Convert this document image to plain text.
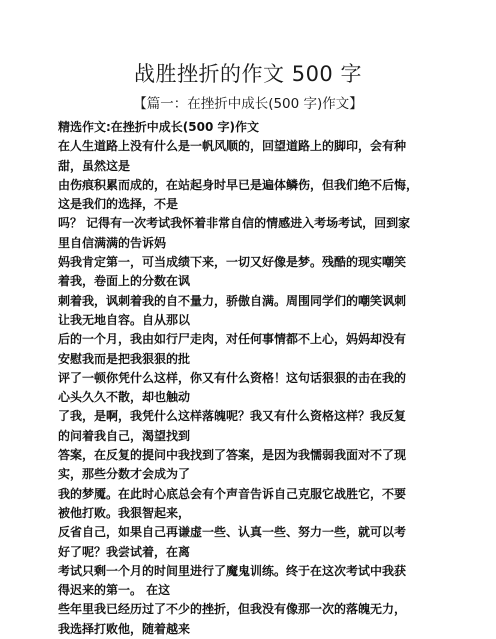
战胜挫折的作文 500 字
【篇一：在挫折中成长(500 字)作文】
精选作文:在挫折中成长(500 字)作文
在人生道路上没有什么是一帆风顺的，回望道路上的脚印，会有种
甜，虽然这是
由伤痕积累而成的，在站起身时早已是遍体鳞伤，但我们绝不后悔，
这是我们的选择，不是
吗？ 记得有一次考试我怀着非常自信的情感进入考场考试，回到家
里自信满满的告诉妈
妈我肯定第一，可当成绩下来，一切又好像是梦。残酷的现实嘲笑
着我，卷面上的分数在讽
刺着我，讽刺着我的自不量力，骄傲自满。周围同学们的嘲笑讽刺
让我无地自容。自从那以
后的一个月，我由如行尸走肉，对任何事情都不上心，妈妈却没有
安慰我而是把我狠狠的批
评了一顿你凭什么这样，你又有什么资格！这句话狠狠的击在我的
心头久久不散，却也触动
了我，是啊，我凭什么这样落魄呢？我又有什么资格这样？我反复
的问着我自己，渴望找到
答案，在反复的提问中我找到了答案，是因为我懦弱我面对不了现
实，那些分数才会成为了
我的梦魇。在此时心底总会有个声音告诉自己克服它战胜它，不要
被他打败。我狠智起来，
反省自己，如果自己再谦虚一些、认真一些、努力一些，就可以考
好了呢？我尝试着，在离
考试只剩一个月的时间里进行了魔鬼训练。终于在这次考试中我获
得迟来的第一。 在这
些年里我已经历过了不少的挫折，但我没有像那一次的落魄无力，
我选择打败他，随着越来
